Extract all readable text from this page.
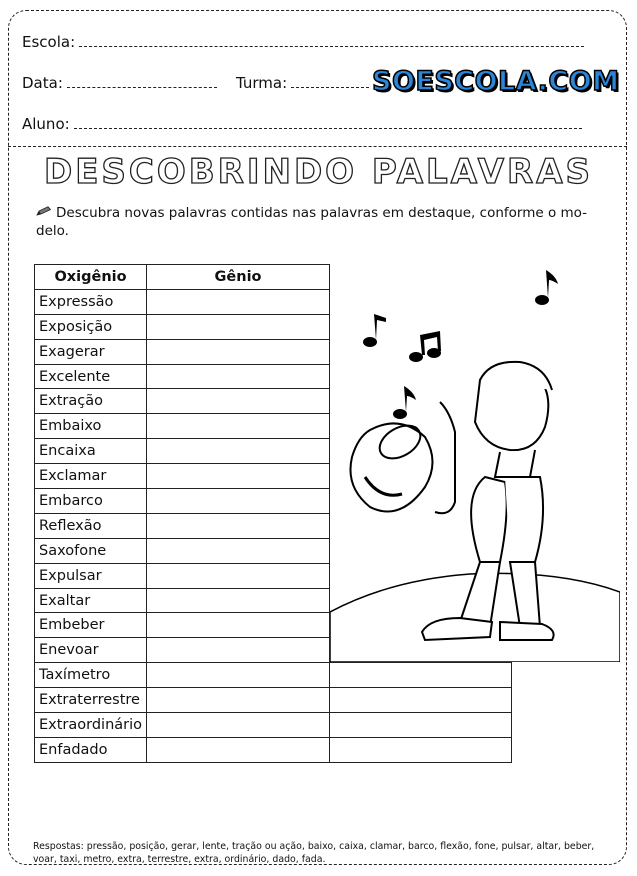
Escola:
Data:	Turma:
Aluno:
SOESCOLA.COM
DESCOBRINDO PALAVRAS
Descubra novas palavras contidas nas palavras em destaque, conforme o mo-delo.
Oxigênio	Gênio	
Expressão		
Exposição		
Exagerar		
Excelente		
Extração		
Embaixo		
Encaixa		
Exclamar		
Embarco		
Reflexão		
Saxofone		
Expulsar		
Exaltar		
Embeber		
Enevoar		
Taxímetro		
Extraterrestre		
Extraordinário		
Enfadado		
Respostas: pressão, posição, gerar, lente, tração ou ação, baixo, caixa, clamar, barco, flexão, fone, pulsar, altar, beber, voar, taxi, metro, extra, terrestre, extra, ordinário, dado, fada.
